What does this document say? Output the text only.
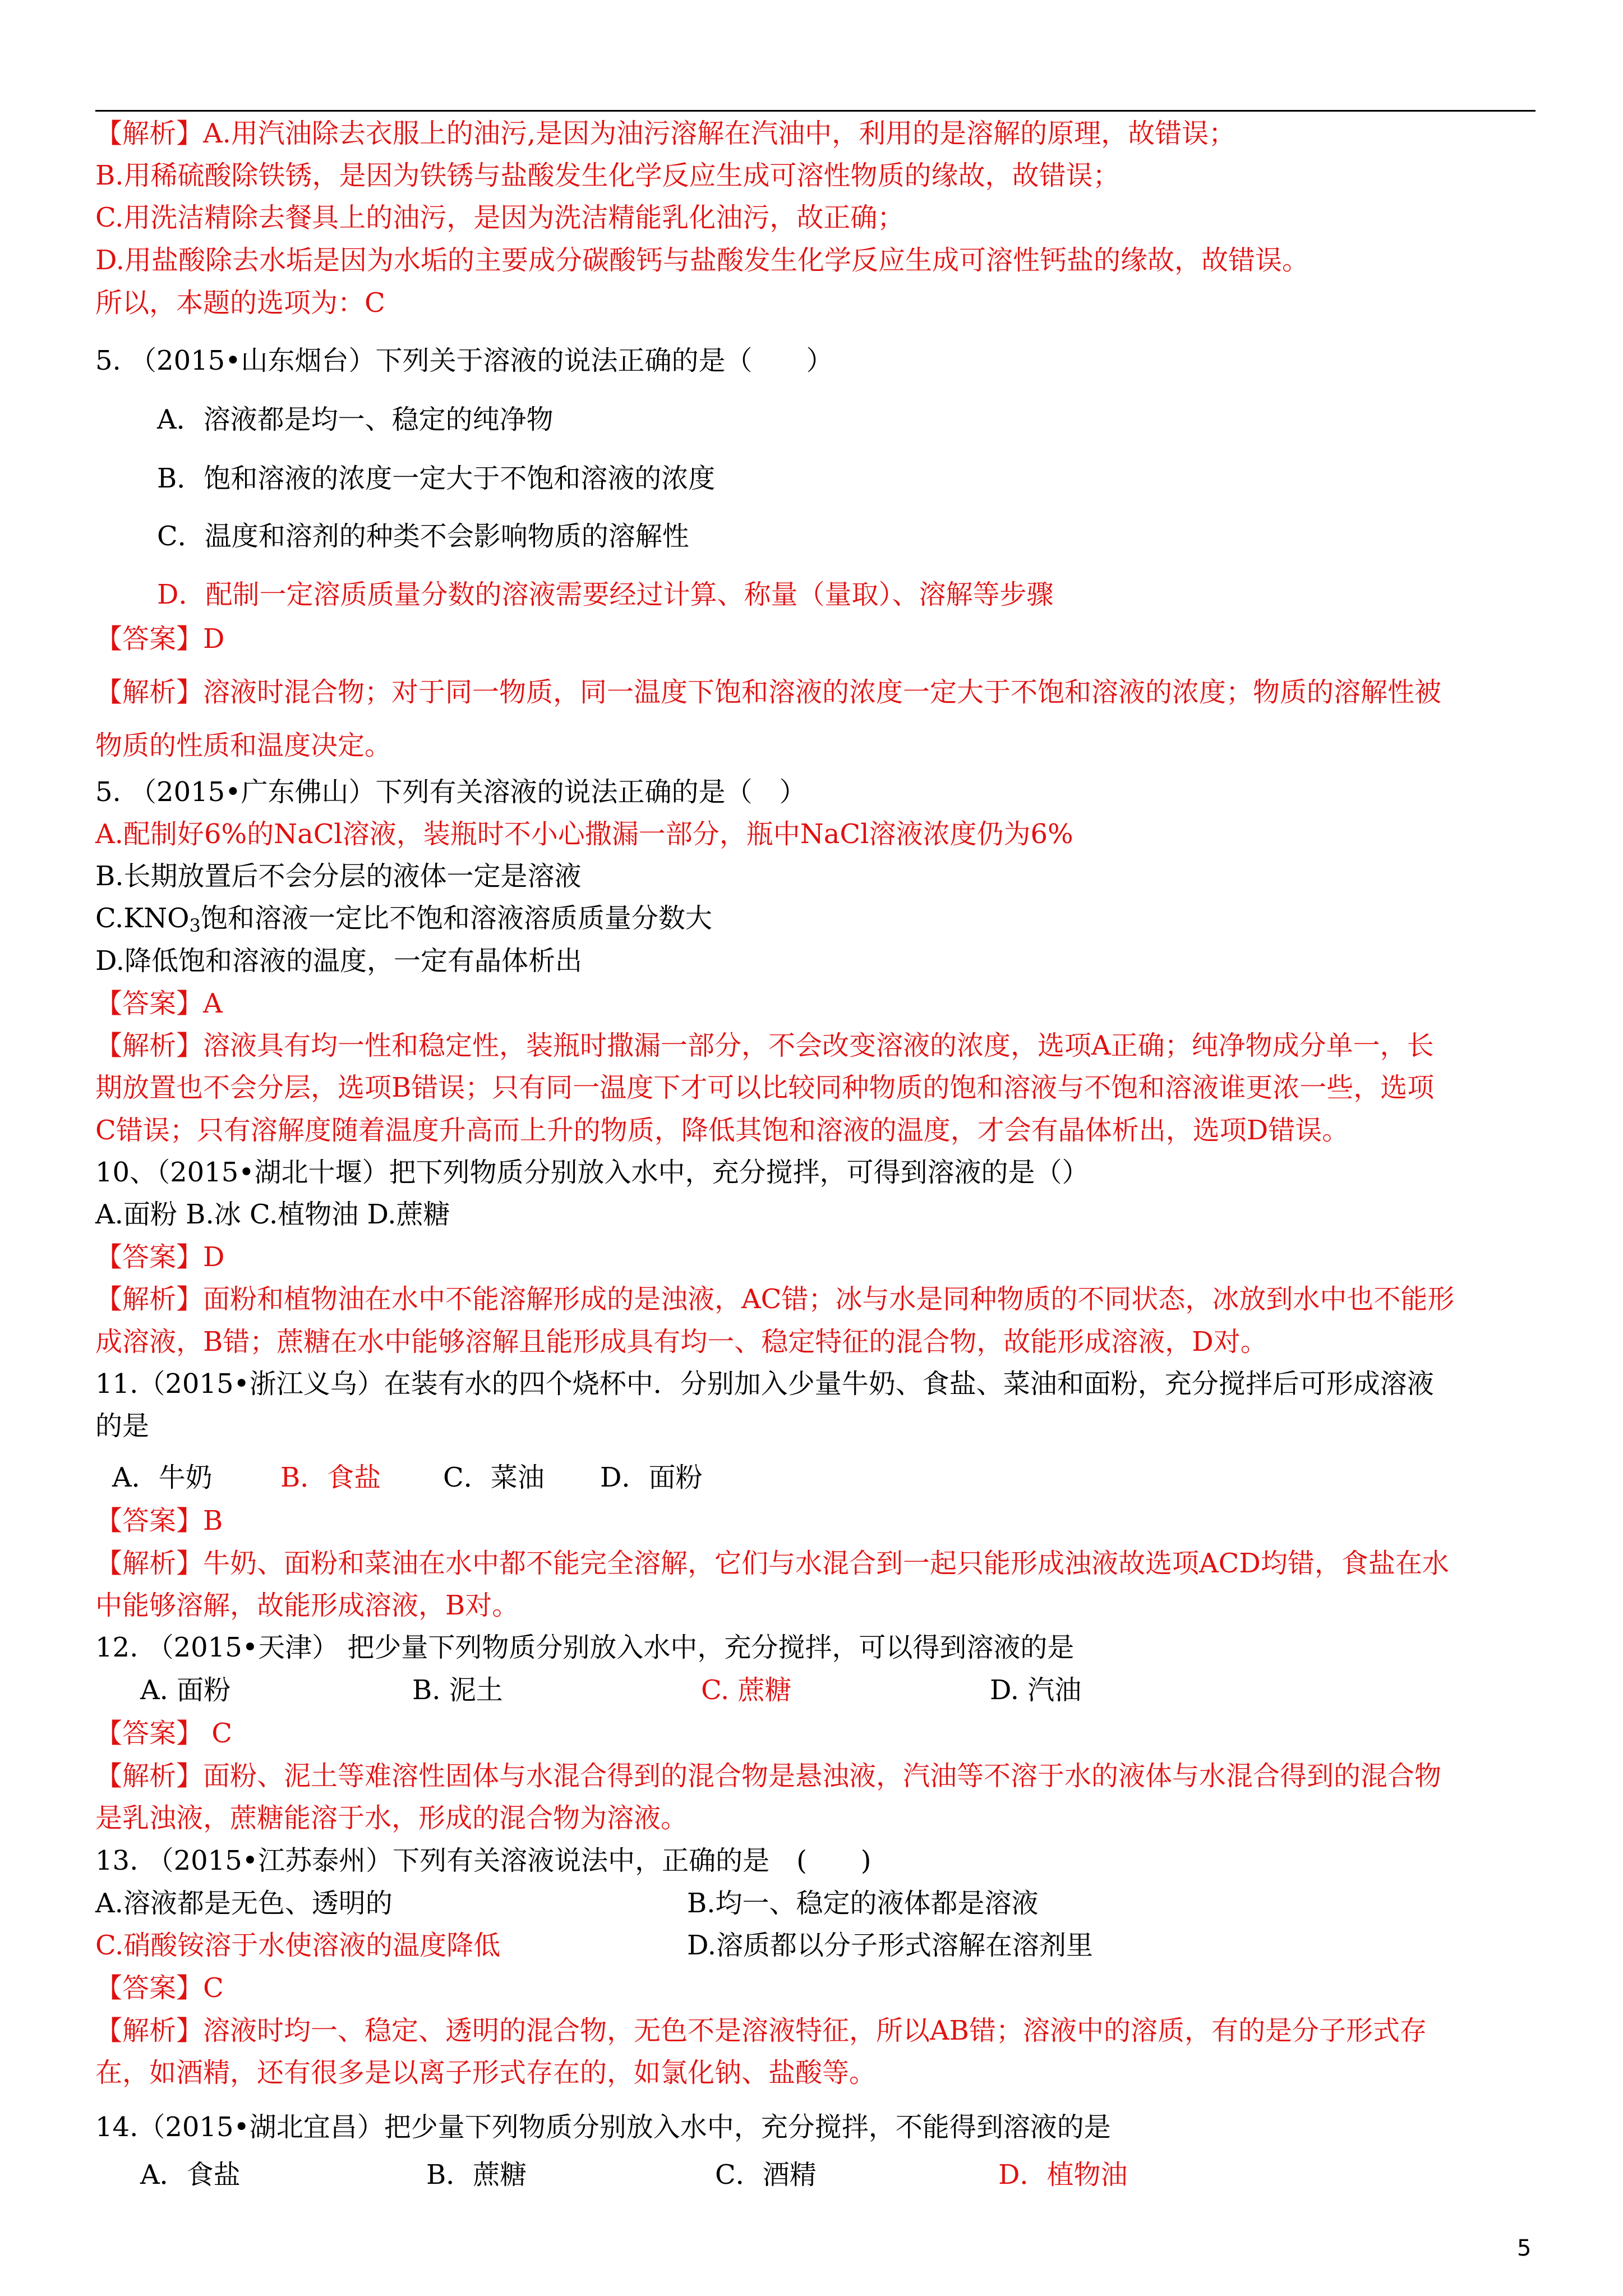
【解析】A.用汽油除去衣服上的油污,是因为油污溶解在汽油中，利用的是溶解的原理，故错误；
B.用稀硫酸除铁锈，是因为铁锈与盐酸发生化学反应生成可溶性物质的缘故，故错误；
C.用洗洁精除去餐具上的油污，是因为洗洁精能乳化油污，故正确；
D.用盐酸除去水垢是因为水垢的主要成分碳酸钙与盐酸发生化学反应生成可溶性钙盐的缘故，故错误。
所以，本题的选项为：C
5. （2015•山东烟台）下列关于溶液的说法正确的是（　　）
A．溶液都是均一、稳定的纯净物
B．饱和溶液的浓度一定大于不饱和溶液的浓度
C．温度和溶剂的种类不会影响物质的溶解性
D．配制一定溶质质量分数的溶液需要经过计算、称量（量取）、溶解等步骤
【答案】D
【解析】溶液时混合物；对于同一物质，同一温度下饱和溶液的浓度一定大于不饱和溶液的浓度；物质的溶解性被
物质的性质和温度决定。
5. （2015•广东佛山）下列有关溶液的说法正确的是（　）
A.配制好6%的NaCl溶液，装瓶时不小心撒漏一部分，瓶中NaCl溶液浓度仍为6%
B.长期放置后不会分层的液体一定是溶液
$C.KNO_3$饱和溶液一定比不饱和溶液溶质质量分数大
D.降低饱和溶液的温度，一定有晶体析出
【答案】A
【解析】溶液具有均一性和稳定性，装瓶时撒漏一部分，不会改变溶液的浓度，选项A正确；纯净物成分单一，长
期放置也不会分层，选项B错误；只有同一温度下才可以比较同种物质的饱和溶液与不饱和溶液谁更浓一些，选项
C错误；只有溶解度随着温度升高而上升的物质，降低其饱和溶液的温度，才会有晶体析出，选项D错误。
10、（2015•湖北十堰）把下列物质分别放入水中，充分搅拌，可得到溶液的是（）
A.面粉 B.冰 C.植物油 D.蔗糖
【答案】D
【解析】面粉和植物油在水中不能溶解形成的是浊液，AC错；冰与水是同种物质的不同状态，冰放到水中也不能形
成溶液，B错；蔗糖在水中能够溶解且能形成具有均一、稳定特征的混合物，故能形成溶液，D对。
11.（2015•浙江义乌）在装有水的四个烧杯中．分别加入少量牛奶、食盐、菜油和面粉，充分搅拌后可形成溶液
的是
A．牛奶	B．食盐 C．菜油 D．面粉
【答案】B
【解析】牛奶、面粉和菜油在水中都不能完全溶解，它们与水混合到一起只能形成浊液故选项ACD均错，食盐在水
中能够溶解，故能形成溶液，B对。
12. （2015•天津） 把少量下列物质分别放入水中，充分搅拌，可以得到溶液的是
A. 面粉	B. 泥土	C. 蔗糖	D. 汽油
【答案】 C
【解析】面粉、泥土等难溶性固体与水混合得到的混合物是悬浊液，汽油等不溶于水的液体与水混合得到的混合物
是乳浊液，蔗糖能溶于水，形成的混合物为溶液。
13. （2015•江苏泰州）下列有关溶液说法中，正确的是　(　　)
A.溶液都是无色、透明的	B.均一、稳定的液体都是溶液
C.硝酸铵溶于水使溶液的温度降低	D.溶质都以分子形式溶解在溶剂里
【答案】C
【解析】溶液时均一、稳定、透明的混合物，无色不是溶液特征，所以AB错；溶液中的溶质，有的是分子形式存
在，如酒精，还有很多是以离子形式存在的，如氯化钠、盐酸等。
14.（2015•湖北宜昌）把少量下列物质分别放入水中，充分搅拌，不能得到溶液的是
A．食盐	B．蔗糖	C．酒精	D．植物油
5
